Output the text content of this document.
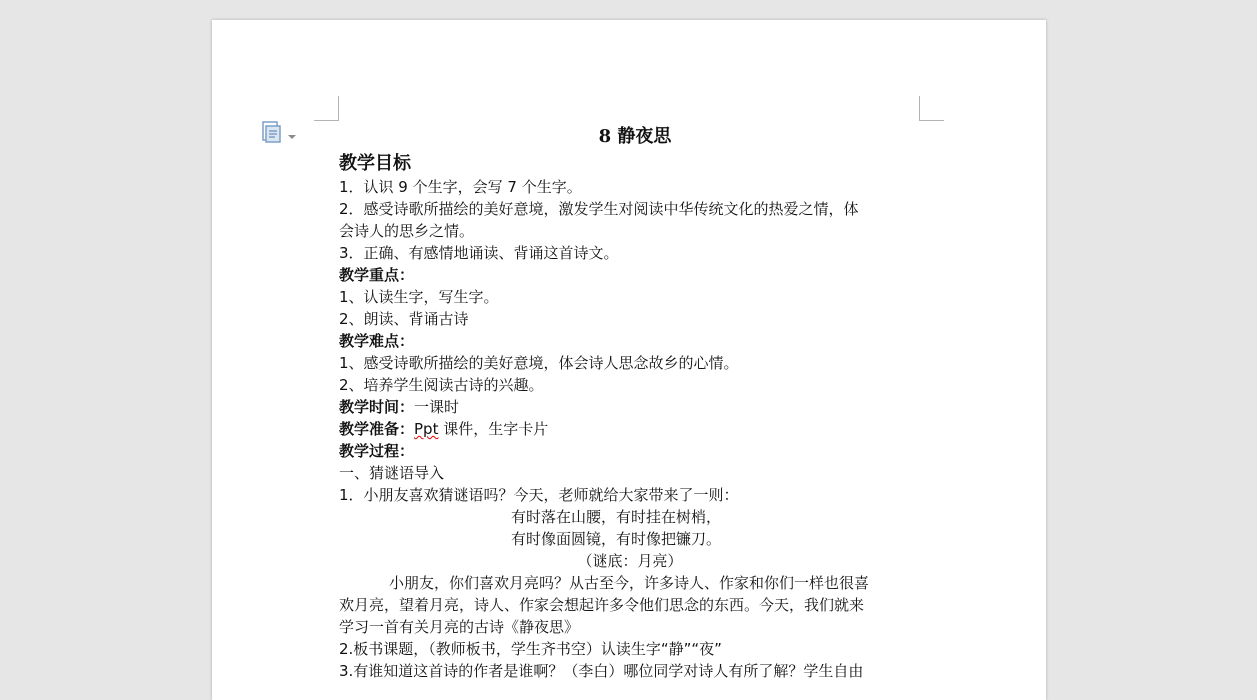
8 静夜思
教学目标
1．认识 9 个生字，会写 7 个生字。
2．感受诗歌所描绘的美好意境，激发学生对阅读中华传统文化的热爱之情，体
会诗人的思乡之情。
3．正确、有感情地诵读、背诵这首诗文。
教学重点：
1、认读生字，写生字。
2、朗读、背诵古诗
教学难点：
1、感受诗歌所描绘的美好意境，体会诗人思念故乡的心情。
2、培养学生阅读古诗的兴趣。
教学时间：一课时
教学准备：Ppt 课件，生字卡片
教学过程：
一、猜谜语导入
1．小朋友喜欢猜谜语吗？今天，老师就给大家带来了一则：
有时落在山腰，有时挂在树梢，
有时像面圆镜，有时像把镰刀。
（谜底：月亮）
小朋友，你们喜欢月亮吗？从古至今，许多诗人、作家和你们一样也很喜
欢月亮，望着月亮，诗人、作家会想起许多令他们思念的东西。今天，我们就来
学习一首有关月亮的古诗《静夜思》
2.板书课题，（教师板书，学生齐书空）认读生字“静”“夜”
3.有谁知道这首诗的作者是谁啊？（李白）哪位同学对诗人有所了解？学生自由
